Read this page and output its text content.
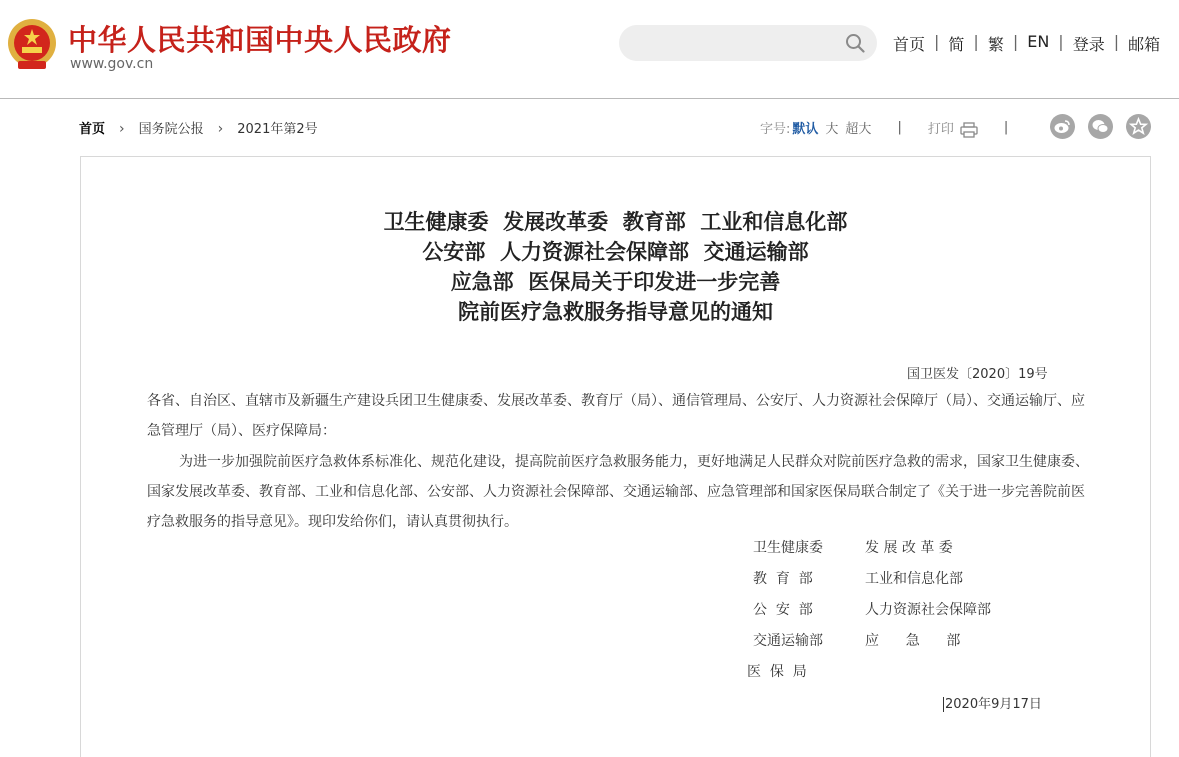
中华人民共和国中央人民政府
www.gov.cn
首页 | 简 | 繁 | EN | 登录 | 邮箱
首页 › 国务院公报 › 2021年第2号	字号: 默认 大 超大 | 打印	|
卫生健康委  发展改革委  教育部  工业和信息化部
公安部  人力资源社会保障部  交通运输部
应急部  医保局关于印发进一步完善
院前医疗急救服务指导意见的通知
国卫医发〔2020〕19号
各省、自治区、直辖市及新疆生产建设兵团卫生健康委、发展改革委、教育厅（局）、通信管理局、公安厅、人力资源社会保障厅（局）、交通运输厅、应急管理厅（局）、医疗保障局：
为进一步加强院前医疗急救体系标准化、规范化建设，提高院前医疗急救服务能力，更好地满足人民群众对院前医疗急救的需求，国家卫生健康委、国家发展改革委、教育部、工业和信息化部、公安部、人力资源社会保障部、交通运输部、应急管理部和国家医保局联合制定了《关于进一步完善院前医疗急救服务的指导意见》。现印发给你们，请认真贯彻执行。
卫生健康委	发 展 改 革 委
教  育  部	工业和信息化部
公  安  部	人力资源社会保障部
交通运输部	应      急      部
医  保  局
2020年9月17日
